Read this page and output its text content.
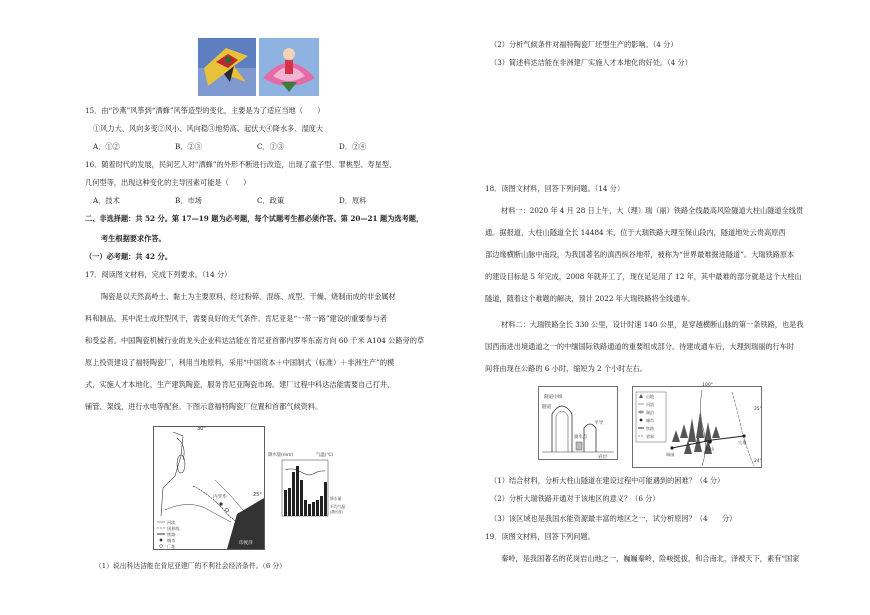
15．由“沙燕”风筝到“洒蜂”风筝造型的变化，主要是为了适应当地（　　）
①风力大、风向多变②风小、风向稳③地势高、起伏大④降水多、湿度大
A．①②	B．②③	C．①③	D．②④
16．随着时代的发展，民间艺人对“洒蜂”的外形不断进行改造，出现了童子型、罪桃型、寿星型、
几何型等，出现这种变化的主导因素可能是（　　）
A．技术	B．市场	C．政策	D．原料
二、非选择题：共 52 分。第 17—19 题为必考题，每个试题考生都必须作答。第 20—21 题为选考题，
考生根据要求作答。
（一）必考题：共 42 分。
17．阅读图文材料，完成下列要求。（14 分）
陶瓷是以天然高岭土、黏土为主要原料，经过粉碎、混练、成型、干燥、烧制而成的非金属材
料和制品，其中泥土成坯型风干，需要良好的天气条件。肯尼亚是“一带一路”建设的重要参与者
和受益者。中国陶瓷机械行业的龙头企业科达洁能在肯尼亚首都内罗毕东南方向 60 千米 A104 公路旁的草
原上投资建设了福特陶瓷厂，利用当地原料，采用“中国资本＋中国制式（标准）＋非洲生产”的模
式，实施人才本地化，生产建筑陶瓷，服务肯尼亚陶瓷市场。建厂过程中科达洁能需要自己打井、
铺管、架线，进行水电等配套。下图示意福特陶瓷厂位置和首都气候资料。
30°
25°
内罗毕
印度洋
河流
国界线
铁路
城市
厂址
降水量(mm)	气温(℃)
降水量
平均气温
(摄氏度)
（1）说出科达洁能在肯尼亚建厂的不利社会经济条件。（6 分）
（2）分析气候条件对福特陶瓷厂坯型生产的影响。（4 分）
（3）简述科达洁能在非洲建厂实施人才本地化的好处。（4 分）
18．读图文材料，回答下列问题。（14 分）
材料一：2020 年 4 月 28 日上午，大（理）瑞（丽）铁路全线最高风险隧道大柱山隧道全线贯
通。据报道，大柱山隧道全长 14484 米，位于大瑞铁路大理至保山段内，隧道地处云贵高原西
部边缘横断山脉中南段，为我国著名的滇西纵谷地带，被称为“世界最难掘进隧道”。大瑞铁路原本
的建设目标是 5 年完成，2008 年就开工了，现在足足用了 12 年，其中最难的部分就是这个大柱山
隧道，随着这个难题的解决，预计 2022 年大瑞铁路将全线通车。
材料二：大瑞铁路全长 330 公里，设计时速 140 公里，是穿越横断山脉的第一条铁路，也是我
国西南进出境通道之一的中缅国际铁路通道的重要组成部分。待建成通车后，大理到瑞丽的行车时
间将由现在公路的 6 小时，缩短为 2 个小时左右。
隧道中线
隧道
平导
岩层
涌水点
100°
25°
24°
大理
保山
瑞丽
山地
河流
湖泊
城市
铁路
省界
（1）结合材料，分析大柱山隧道在建设过程中可能遇到的困难？（4 分）
（2）分析大瑞铁路开通对于该地区的意义？（6 分）
（3）该区域也是我国水能资源最丰富的地区之一，试分析原因？（4　　分）
19．读图文材料，回答下列问题。
秦岭，是我国著名的花岗岩山地之一，巍巍秦岭，险峻挺拔，和合南北，泽被天下，素有“国家
